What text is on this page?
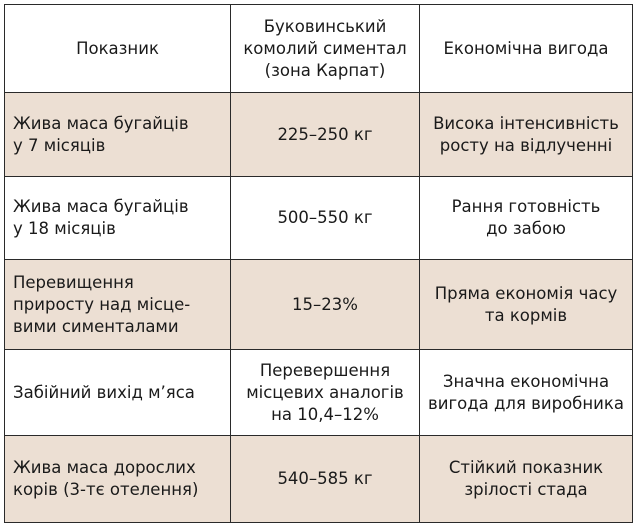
Показник	Буковинський
комолий симентал
(зона Карпат)	Економічна вигода

Жива маса бугайців
у 7 місяців	225–250 кг	Висока інтенсивність
росту на відлученні

Жива маса бугайців
у 18 місяців	500–550 кг	Рання готовність
до забою

Перевищення
приросту над місце-
вими сименталами	15–23%	Пряма економія часу
та кормів

Забійний вихід м’яса	Перевершення
місцевих аналогів
на 10,4–12%	Значна економічна
вигода для виробника

Жива маса дорослих
корів (3-тє отелення)	540–585 кг	Стійкий показник
зрілості стада
